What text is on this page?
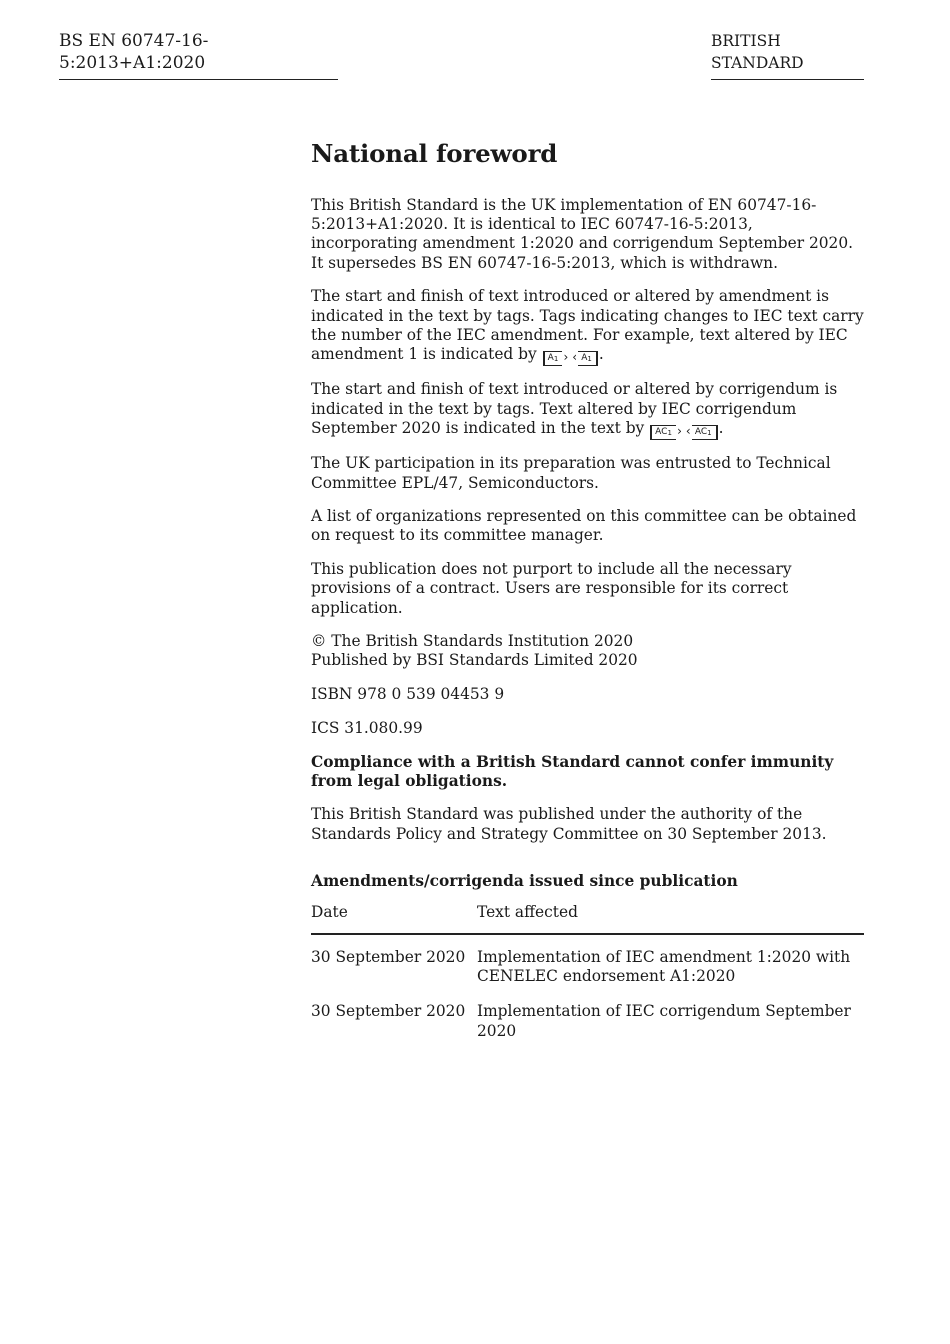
BS EN 60747-16-5:2013+A1:2020
BRITISH STANDARD
National foreword

This British Standard is the UK implementation of EN 60747-16-5:2013+A1:2020. It is identical to IEC 60747-16-5:2013, incorporating amendment 1:2020 and corrigendum September 2020. It supersedes BS EN 60747-16-5:2013, which is withdrawn.

The start and finish of text introduced or altered by amendment is indicated in the text by tags. Tags indicating changes to IEC text carry the number of the IEC amendment. For example, text altered by IEC amendment 1 is indicated by $A_1$ ›	‹ $A_1$ .

The start and finish of text introduced or altered by corrigendum is indicated in the text by tags. Text altered by IEC corrigendum September 2020 is indicated in the text by $AC_1$ ›	‹ $AC_1$ .

The UK participation in its preparation was entrusted to Technical Committee EPL/47, Semiconductors.

A list of organizations represented on this committee can be obtained on request to its committee manager.

This publication does not purport to include all the necessary provisions of a contract. Users are responsible for its correct application.

© The British Standards Institution 2020
Published by BSI Standards Limited 2020

ISBN 978 0 539 04453 9

ICS 31.080.99

Compliance with a British Standard cannot confer immunity from legal obligations.

This British Standard was published under the authority of the Standards Policy and Strategy Committee on 30 September 2013.

Amendments/corrigenda issued since publication
Date	Text affected
30 September 2020	Implementation of IEC amendment 1:2020 with CENELEC endorsement A1:2020
30 September 2020	Implementation of IEC corrigendum September 2020
